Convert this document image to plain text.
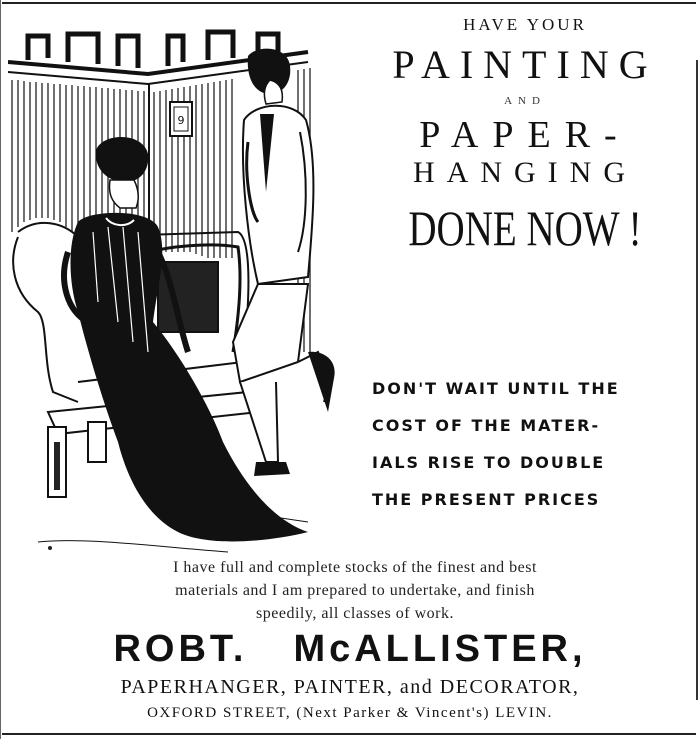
9
HAVE YOUR
PAINTING
AND
PAPER-
HANGING
DONE NOW !
DON'T WAIT UNTIL THE
COST OF THE MATER-
IALS RISE TO DOUBLE
THE PRESENT PRICES
I have full and complete stocks of the finest and best
materials and I am prepared to undertake, and finish
speedily, all classes of work.
ROBT. McALLISTER,
PAPERHANGER, PAINTER, and DECORATOR,
OXFORD STREET, (Next Parker & Vincent's) LEVIN.
